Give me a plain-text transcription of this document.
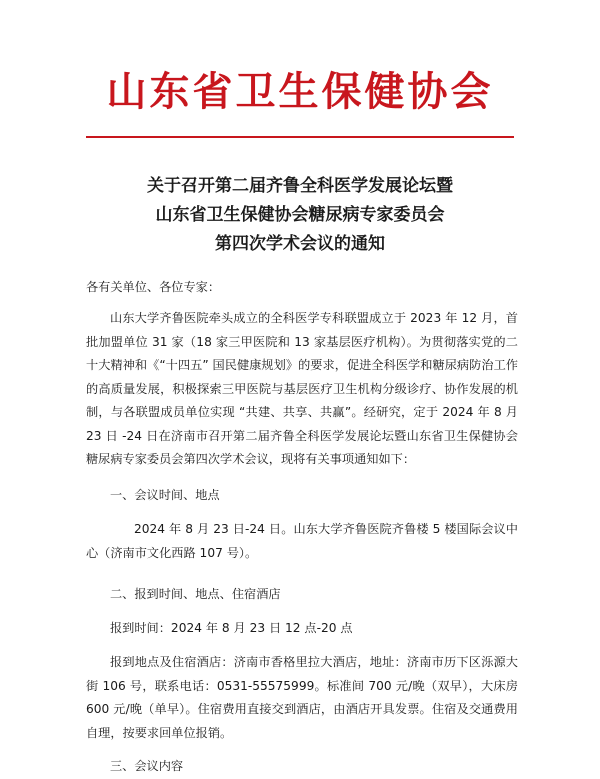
山东省卫生保健协会
关于召开第二届齐鲁全科医学发展论坛暨
山东省卫生保健协会糖尿病专家委员会
第四次学术会议的通知

各有关单位、各位专家：

山东大学齐鲁医院牵头成立的全科医学专科联盟成立于 2023 年 12 月，首批加盟单位 31 家（18 家三甲医院和 13 家基层医疗机构）。为贯彻落实党的二十大精神和《“十四五” 国民健康规划》的要求，促进全科医学和糖尿病防治工作的高质量发展，积极探索三甲医院与基层医疗卫生机构分级诊疗、协作发展的机制，与各联盟成员单位实现 “共建、共享、共赢”。经研究，定于 2024 年 8 月 23 日 -24 日在济南市召开第二届齐鲁全科医学发展论坛暨山东省卫生保健协会糖尿病专家委员会第四次学术会议，现将有关事项通知如下：

一、会议时间、地点

2024 年 8 月 23 日-24 日。山东大学齐鲁医院齐鲁楼 5 楼国际会议中心（济南市文化西路 107 号）。

二、报到时间、地点、住宿酒店

报到时间：2024 年 8 月 23 日 12 点-20 点

报到地点及住宿酒店：济南市香格里拉大酒店，地址：济南市历下区泺源大街 106 号，联系电话：0531-55575999。标准间 700 元/晚（双早），大床房 600 元/晚（单早）。住宿费用直接交到酒店，由酒店开具发票。住宿及交通费用自理，按要求回单位报销。

三、会议内容
